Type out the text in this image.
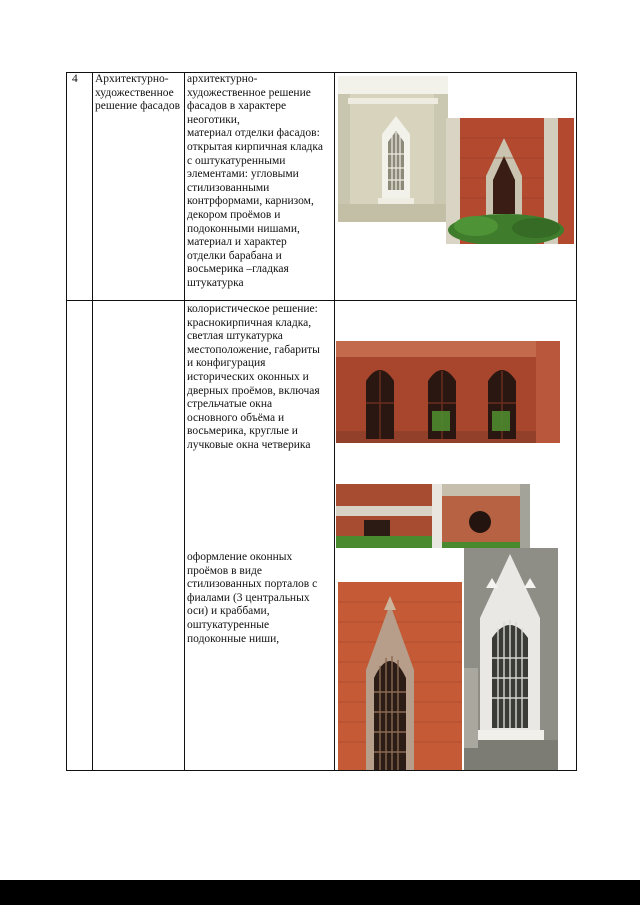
4 Архитектурно-
художественное
решение фасадов
архитектурно-
художественное решение
фасадов в характере
неоготики,
материал отделки фасадов:
открытая кирпичная кладка
с оштукатуренными
элементами: угловыми
стилизованными
контрформами, карнизом,
декором проёмов и
подоконными нишами,
материал и характер
отделки барабана и
восьмерика –гладкая
штукатурка
колористическое решение:
краснокирпичная кладка,
светлая штукатурка
местоположение, габариты
и конфигурация
исторических оконных и
дверных проёмов, включая
стрельчатые окна
основного объёма и
восьмерика, круглые и
лучковые окна четверика
оформление оконных
проёмов в виде
стилизованных порталов с
фиалами (3 центральных
оси) и краббами,
оштукатуренные
подоконные ниши,
